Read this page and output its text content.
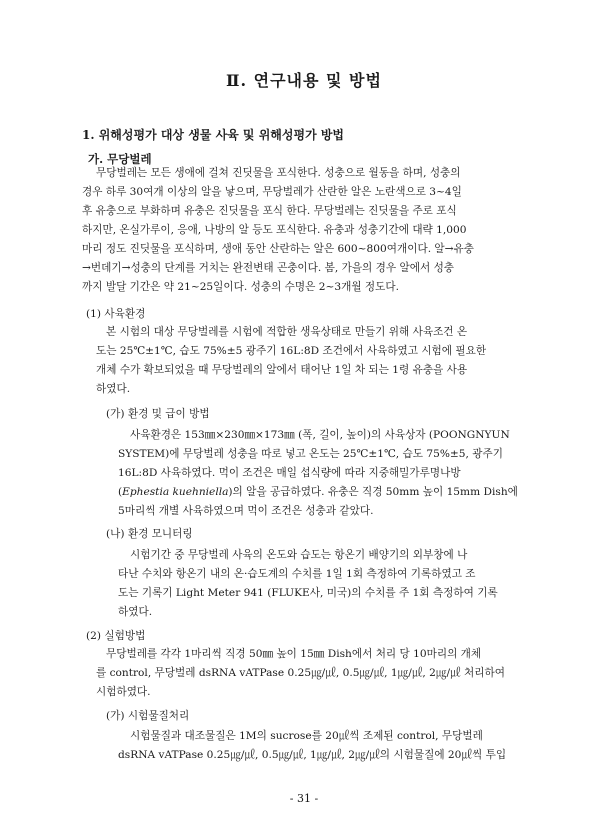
Ⅱ. 연구내용 및 방법
1. 위해성평가 대상 생물 사육 및 위해성평가 방법
가. 무당벌레
무당벌레는 모든 생애에 걸쳐 진딧물을 포식한다. 성충으로 월동을 하며, 성충의
경우 하루 30여개 이상의 알을 낳으며, 무당벌레가 산란한 알은 노란색으로 3~4일
후 유충으로 부화하며 유충은 진딧물을 포식 한다. 무당벌레는 진딧물을 주로 포식
하지만, 온실가루이, 응애, 나방의 알 등도 포식한다. 유충과 성충기간에 대략 1,000
마리 정도 진딧물을 포식하며, 생애 동안 산란하는 알은 600~800여개이다. 알→유충
→번데기→성충의 단계를 거치는 완전변태 곤충이다. 봄, 가을의 경우 알에서 성충
까지 발달 기간은 약 21~25일이다. 성충의 수명은 2~3개월 정도다.
(1) 사육환경
본 시험의 대상 무당벌레를 시험에 적합한 생육상태로 만들기 위해 사육조건 온
도는 25℃±1℃, 습도 75%±5 광주기 16L:8D 조건에서 사육하였고 시험에 필요한
개체 수가 확보되었을 때 무당벌레의 알에서 태어난 1일 차 되는 1령 유충을 사용
하였다.
(가) 환경 및 급이 방법
사육환경은 153㎜×230㎜×173㎜ (폭, 길이, 높이)의 사육상자 (POONGNYUN
SYSTEM)에 무당벌레 성충을 따로 넣고 온도는 25℃±1℃, 습도 75%±5, 광주기
16L:8D 사육하였다. 먹이 조건은 매일 섭식량에 따라 지중해밀가루명나방
(Ephestia kuehniella)의 알을 공급하였다. 유충은 직경 50mm 높이 15mm Dish에
5마리씩 개별 사육하였으며 먹이 조건은 성충과 같았다.
(나) 환경 모니터링
시험기간 중 무당벌레 사육의 온도와 습도는 항온기 배양기의 외부창에 나
타난 수치와 항온기 내의 온·습도계의 수치를 1일 1회 측정하여 기록하였고 조
도는 기록기 Light Meter 941 (FLUKE사, 미국)의 수치를 주 1회 측정하여 기록
하였다.
(2) 실험방법
무당벌레를 각각 1마리씩 직경 50㎜ 높이 15㎜ Dish에서 처리 당 10마리의 개체
를 control, 무당벌레 dsRNA vATPase 0.25㎍/㎕, 0.5㎍/㎕, 1㎍/㎕, 2㎍/㎕ 처리하여
시험하였다.
(가) 시험물질처리
시험물질과 대조물질은 1M의 sucrose를 20㎕씩 조제된 control, 무당벌레
dsRNA vATPase 0.25㎍/㎕, 0.5㎍/㎕, 1㎍/㎕, 2㎍/㎕의 시험물질에 20㎕씩 투입
- 31 -
